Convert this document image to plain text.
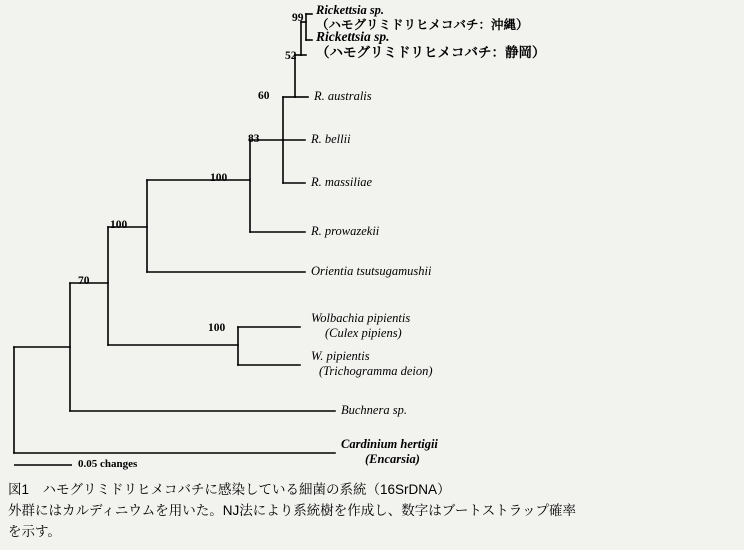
99
52
60
83
100
100
70
100
Rickettsia sp.
（ハモグリミドリヒメコバチ：沖縄）
Rickettsia sp.
（ハモグリミドリヒメコバチ：静岡）
R. australis
R. bellii
R. massiliae
R. prowazekii
Orientia tsutsugamushii
Wolbachia pipientis
(Culex pipiens)
W. pipientis
(Trichogramma deion)
Buchnera sp.
Cardinium hertigii
(Encarsia)
0.05 changes
図1　ハモグリミドリヒメコバチに感染している細菌の系統（16SrDNA）
外群にはカルディニウムを用いた。NJ法により系統樹を作成し、数字はブートストラップ確率
を示す。
